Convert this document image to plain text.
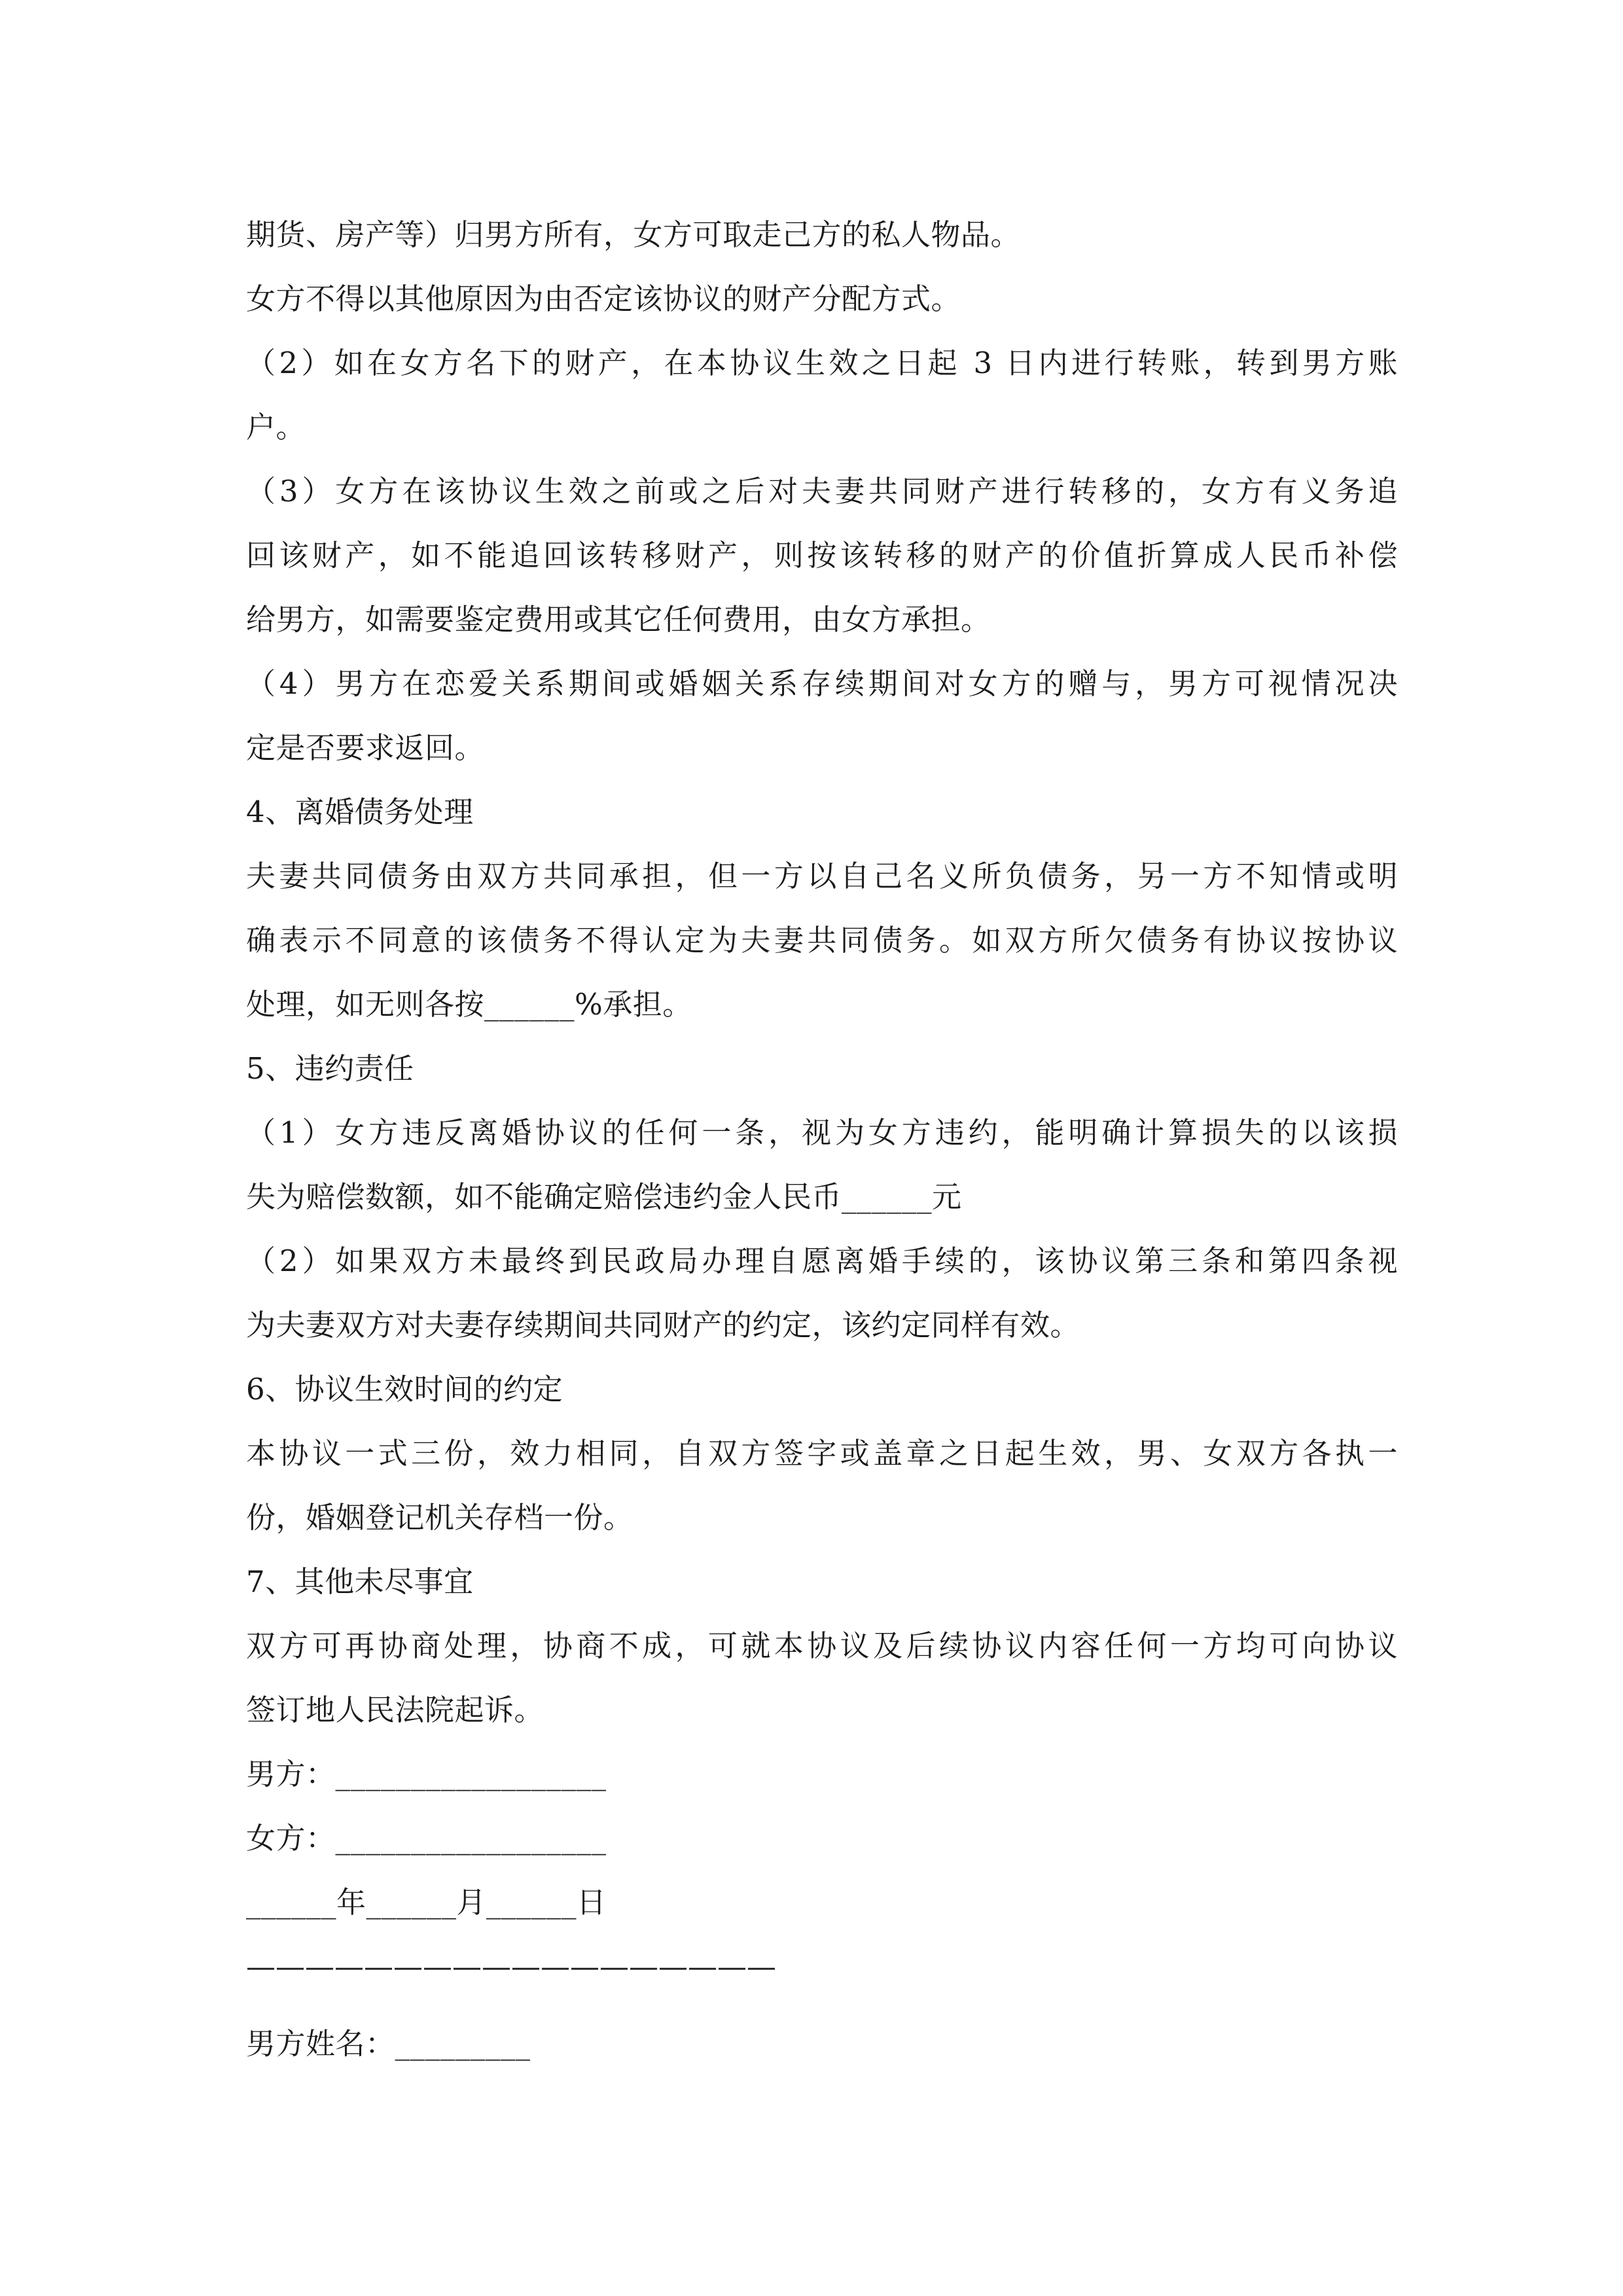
期货、房产等）归男方所有，女方可取走己方的私人物品。
女方不得以其他原因为由否定该协议的财产分配方式。
（2）如在女方名下的财产，在本协议生效之日起 3 日内进行转账，转到男方账
户。
（3）女方在该协议生效之前或之后对夫妻共同财产进行转移的，女方有义务追
回该财产，如不能追回该转移财产，则按该转移的财产的价值折算成人民币补偿
给男方，如需要鉴定费用或其它任何费用，由女方承担。
（4）男方在恋爱关系期间或婚姻关系存续期间对女方的赠与，男方可视情况决
定是否要求返回。
4、离婚债务处理
夫妻共同债务由双方共同承担，但一方以自己名义所负债务，另一方不知情或明
确表示不同意的该债务不得认定为夫妻共同债务。如双方所欠债务有协议按协议
处理，如无则各按______%承担。
5、违约责任
（1）女方违反离婚协议的任何一条，视为女方违约，能明确计算损失的以该损
失为赔偿数额，如不能确定赔偿违约金人民币______元
（2）如果双方未最终到民政局办理自愿离婚手续的，该协议第三条和第四条视
为夫妻双方对夫妻存续期间共同财产的约定，该约定同样有效。
6、协议生效时间的约定
本协议一式三份，效力相同，自双方签字或盖章之日起生效，男、女双方各执一
份，婚姻登记机关存档一份。
7、其他未尽事宜
双方可再协商处理，协商不成，可就本协议及后续协议内容任何一方均可向协议
签订地人民法院起诉。
男方：__________________
女方：__________________
______年______月______日
——————————————————
男方姓名：_________
